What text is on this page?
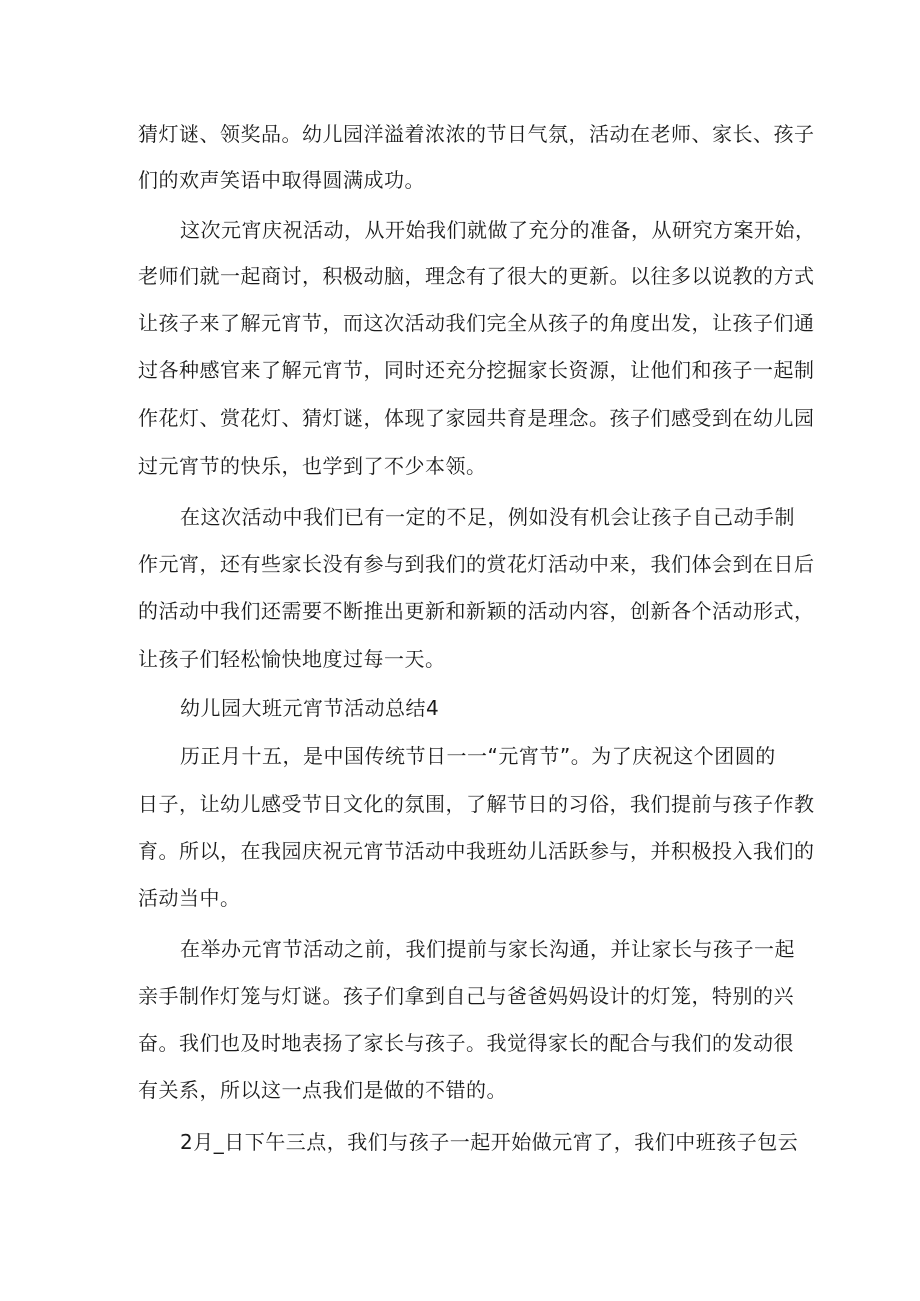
猜灯谜、领奖品。幼儿园洋溢着浓浓的节日气氛，活动在老师、家长、孩子

们的欢声笑语中取得圆满成功。

这次元宵庆祝活动，从开始我们就做了充分的准备，从研究方案开始，

老师们就一起商讨，积极动脑，理念有了很大的更新。以往多以说教的方式

让孩子来了解元宵节，而这次活动我们完全从孩子的角度出发，让孩子们通

过各种感官来了解元宵节，同时还充分挖掘家长资源，让他们和孩子一起制

作花灯、赏花灯、猜灯谜，体现了家园共育是理念。孩子们感受到在幼儿园

过元宵节的快乐，也学到了不少本领。

在这次活动中我们已有一定的不足，例如没有机会让孩子自己动手制

作元宵，还有些家长没有参与到我们的赏花灯活动中来，我们体会到在日后

的活动中我们还需要不断推出更新和新颖的活动内容，创新各个活动形式，

让孩子们轻松愉快地度过每一天。

幼儿园大班元宵节活动总结4

历正月十五，是中国传统节日一一“元宵节”。为了庆祝这个团圆的

日子，让幼儿感受节日文化的氛围，了解节日的习俗，我们提前与孩子作教

育。所以，在我园庆祝元宵节活动中我班幼儿活跃参与，并积极投入我们的

活动当中。

在举办元宵节活动之前，我们提前与家长沟通，并让家长与孩子一起

亲手制作灯笼与灯谜。孩子们拿到自己与爸爸妈妈设计的灯笼，特别的兴

奋。我们也及时地表扬了家长与孩子。我觉得家长的配合与我们的发动很

有关系，所以这一点我们是做的不错的。

2月_日下午三点，我们与孩子一起开始做元宵了，我们中班孩子包云
